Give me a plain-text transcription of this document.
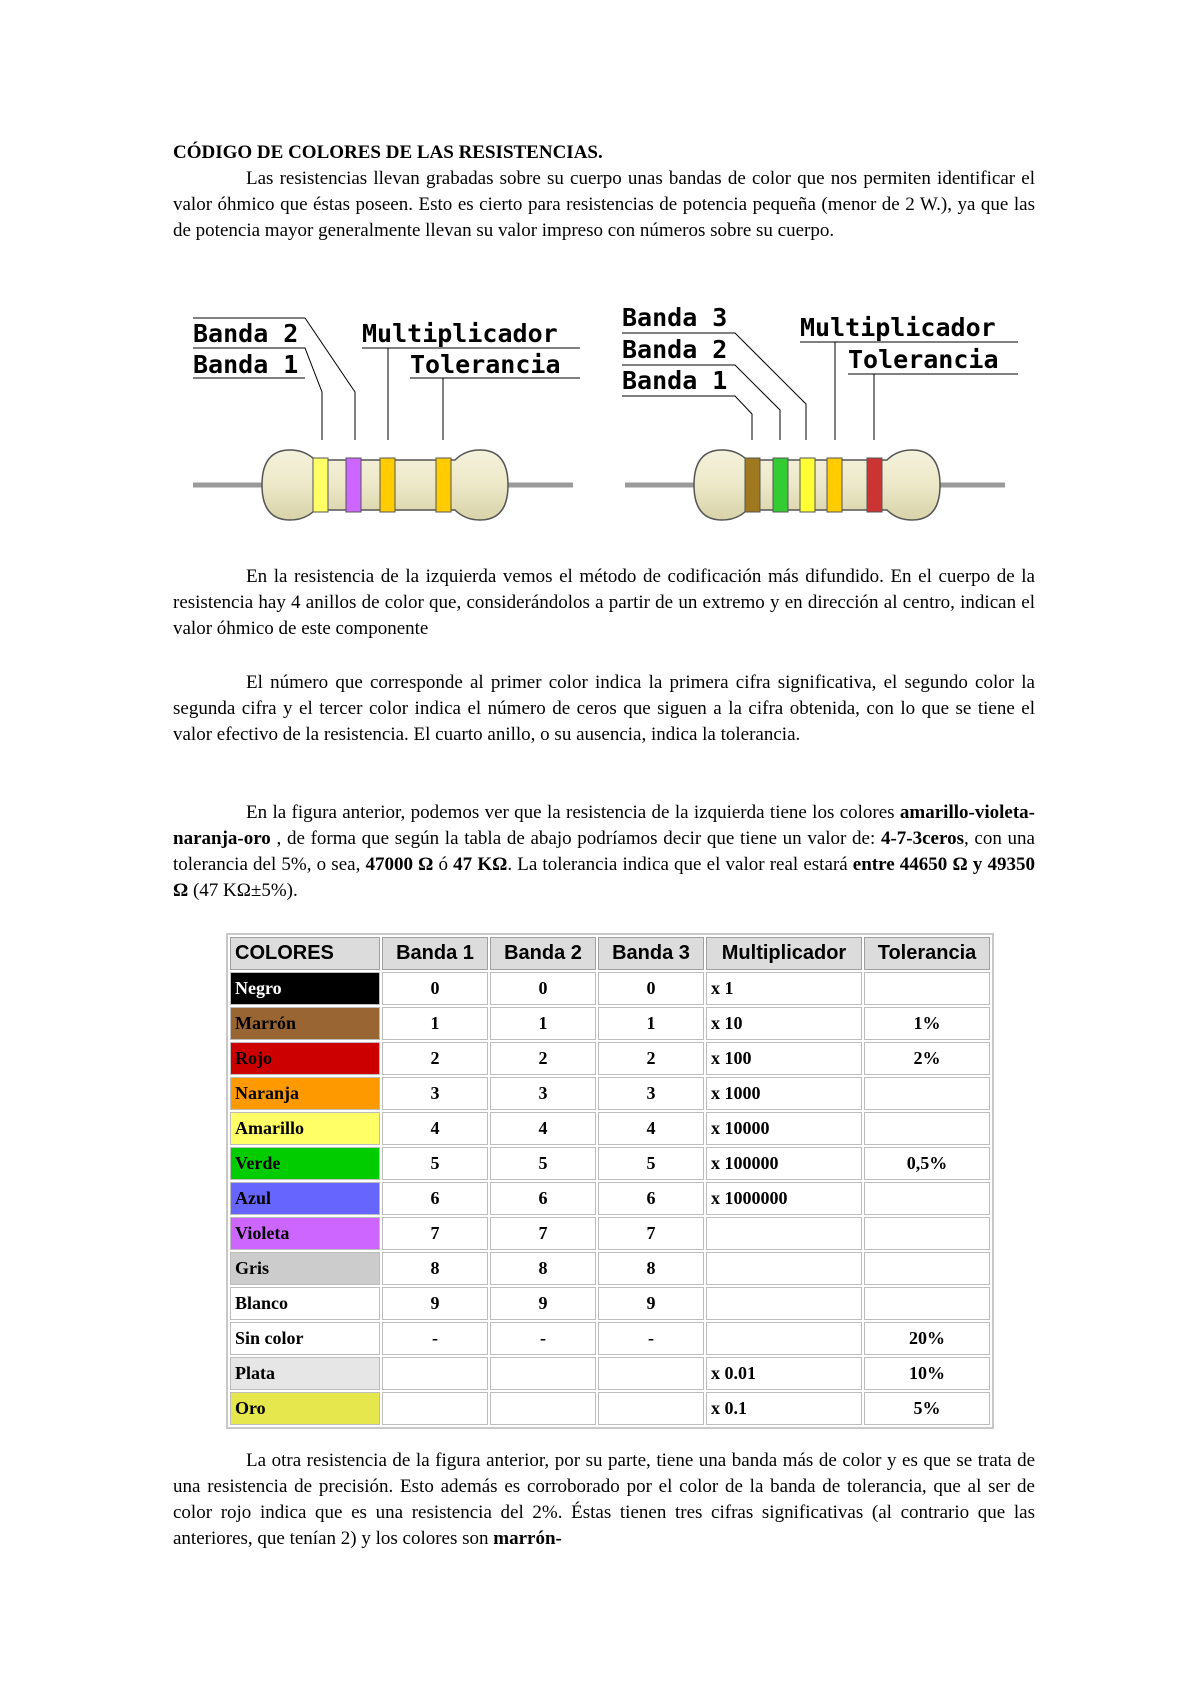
CÓDIGO DE COLORES DE LAS RESISTENCIAS.

Las resistencias llevan grabadas sobre su cuerpo unas bandas de color que nos permiten identificar el valor óhmico que éstas poseen. Esto es cierto para resistencias de potencia pequeña (menor de 2 W.), ya que las de potencia mayor generalmente llevan su valor impreso con números sobre su cuerpo.

Banda 2
Banda 1
Multiplicador
Tolerancia
Banda 3
Banda 2
Banda 1
Multiplicador
Tolerancia

En la resistencia de la izquierda vemos el método de codificación más difundido. En el cuerpo de la resistencia hay 4 anillos de color que, considerándolos a partir de un extremo y en dirección al centro, indican el valor óhmico de este componente

El número que corresponde al primer color indica la primera cifra significativa, el segundo color la segunda cifra y el tercer color indica el número de ceros que siguen a la cifra obtenida, con lo que se tiene el valor efectivo de la resistencia. El cuarto anillo, o su ausencia, indica la tolerancia.

En la figura anterior, podemos ver que la resistencia de la izquierda tiene los colores amarillo-violeta-naranja-oro , de forma que según la tabla de abajo podríamos decir que tiene un valor de: 4-7-3ceros, con una tolerancia del 5%, o sea, 47000 Ω ó 47 KΩ. La tolerancia indica que el valor real estará entre 44650 Ω y 49350 Ω (47 KΩ±5%).

La otra resistencia de la figura anterior, por su parte, tiene una banda más de color y es que se trata de una resistencia de precisión. Esto además es corroborado por el color de la banda de tolerancia, que al ser de color rojo indica que es una resistencia del 2%. Éstas tienen tres cifras significativas (al contrario que las anteriores, que tenían 2) y los colores son marrón-

COLORES	Banda 1	Banda 2	Banda 3	Multiplicador	Tolerancia
Negro	0	0	0	x 1	
Marrón	1	1	1	x 10	1%
Rojo	2	2	2	x 100	2%
Naranja	3	3	3	x 1000	
Amarillo	4	4	4	x 10000	
Verde	5	5	5	x 100000	0,5%
Azul	6	6	6	x 1000000	
Violeta	7	7	7		
Gris	8	8	8		
Blanco	9	9	9		
Sin color	-	-	-		20%
Plata				x 0.01	10%
Oro				x 0.1	5%
